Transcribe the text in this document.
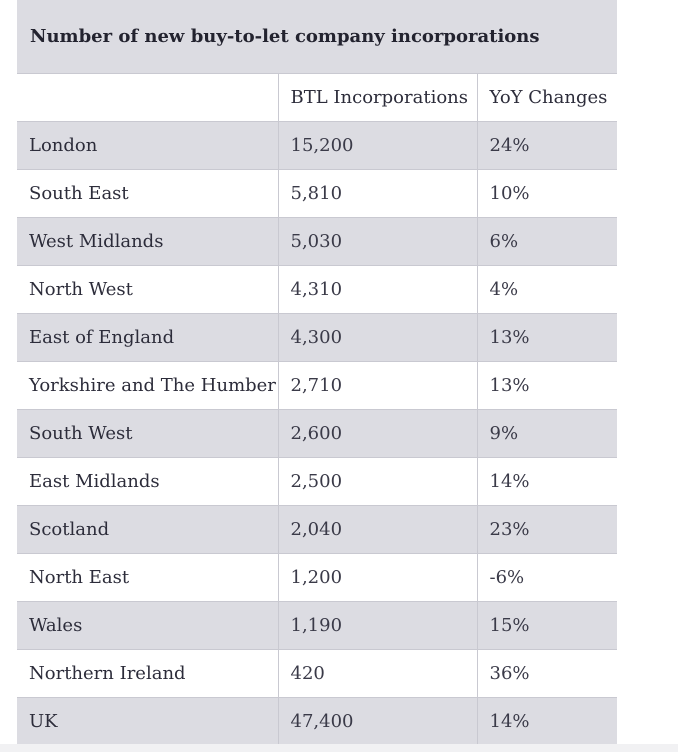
Number of new buy-to-let company incorporations		
	BTL Incorporations	YoY Changes
London	15,200	24%
South East	5,810	10%
West Midlands	5,030	6%
North West	4,310	4%
East of England	4,300	13%
Yorkshire and The Humber	2,710	13%
South West	2,600	9%
East Midlands	2,500	14%
Scotland	2,040	23%
North East	1,200	-6%
Wales	1,190	15%
Northern Ireland	420	36%
UK	47,400	14%
